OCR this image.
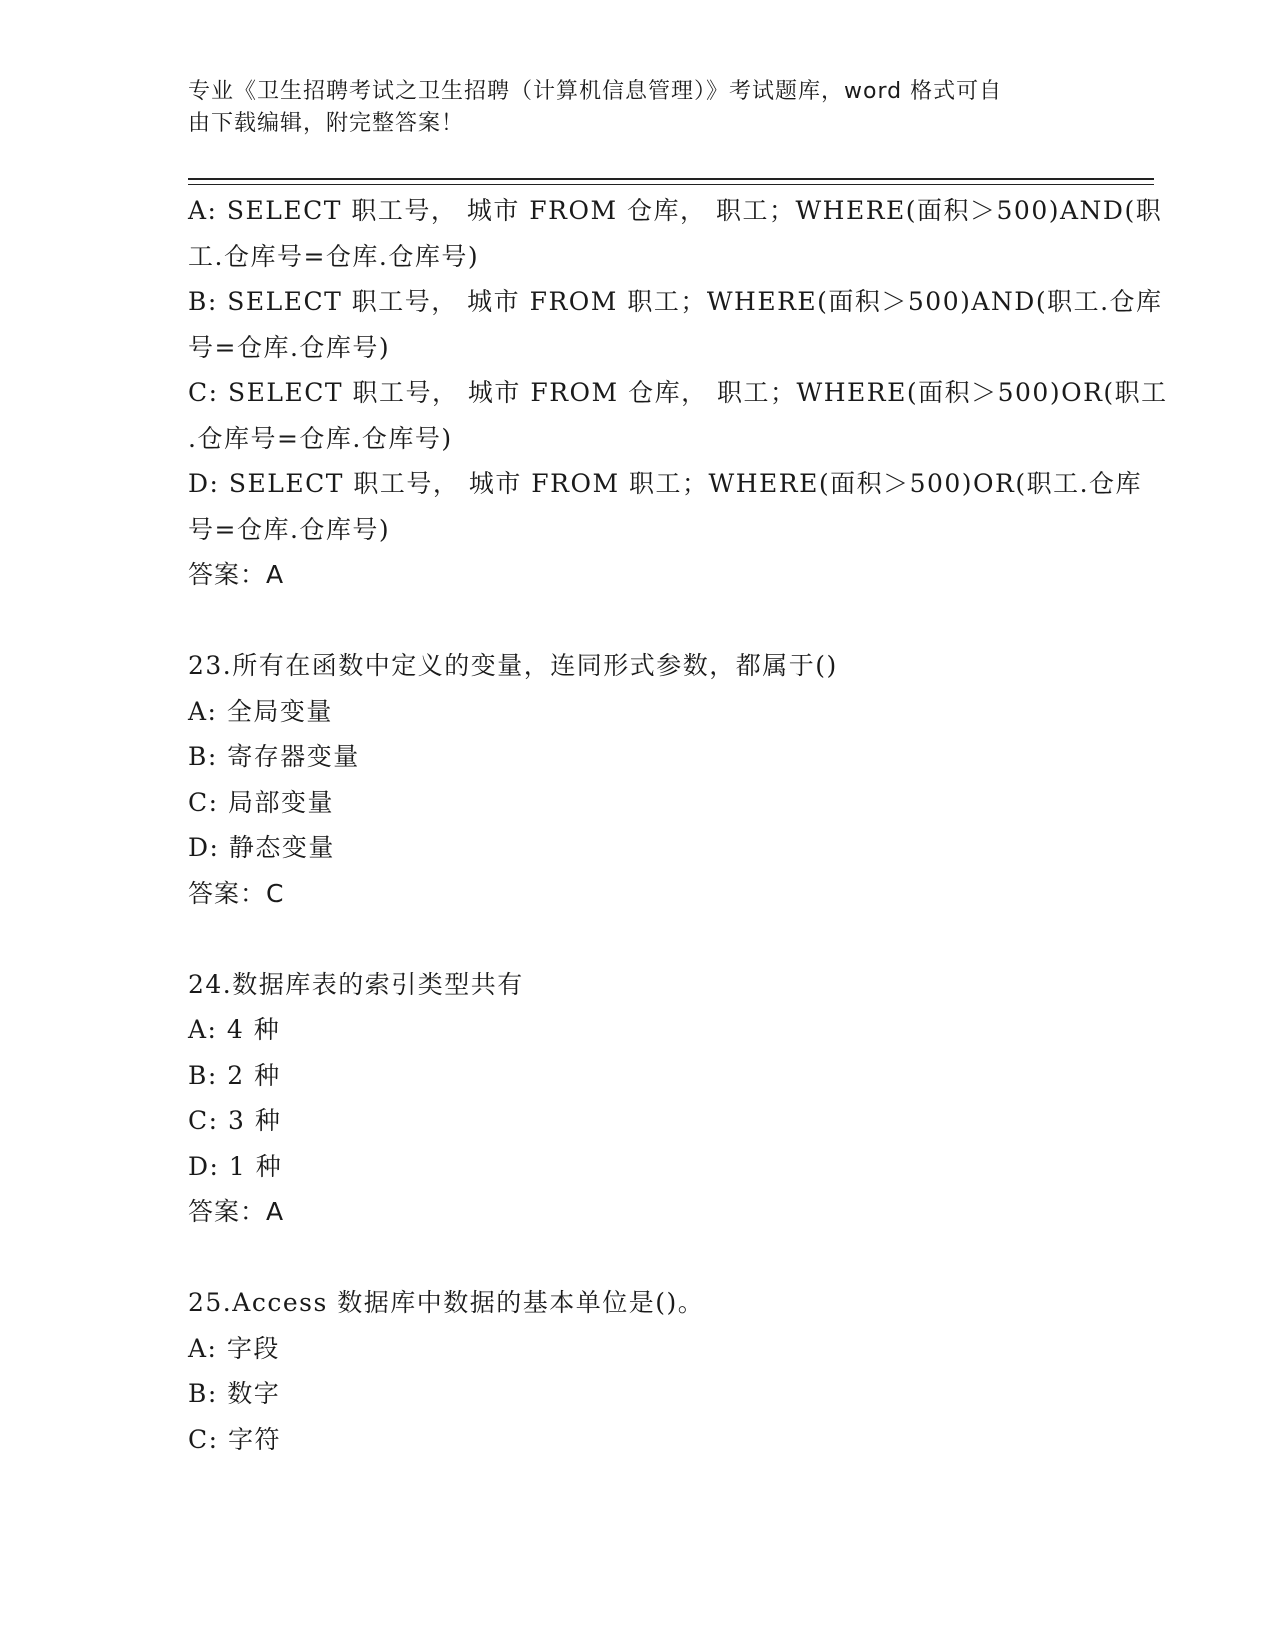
专业《卫生招聘考试之卫生招聘（计算机信息管理）》考试题库，word 格式可自
由下载编辑，附完整答案！
A: SELECT 职工号， 城市 FROM 仓库， 职工；WHERE(面积＞500)AND(职
工.仓库号=仓库.仓库号)
B: SELECT 职工号， 城市 FROM 职工；WHERE(面积＞500)AND(职工.仓库
号=仓库.仓库号)
C: SELECT 职工号， 城市 FROM 仓库， 职工；WHERE(面积＞500)OR(职工
.仓库号=仓库.仓库号)
D: SELECT 职工号， 城市 FROM 职工；WHERE(面积＞500)OR(职工.仓库
号=仓库.仓库号)
答案：A
23.所有在函数中定义的变量，连同形式参数，都属于()
A: 全局变量
B: 寄存器变量
C: 局部变量
D: 静态变量
答案：C
24.数据库表的索引类型共有
A: 4 种
B: 2 种
C: 3 种
D: 1 种
答案：A
25.Access 数据库中数据的基本单位是()。
A: 字段
B: 数字
C: 字符
